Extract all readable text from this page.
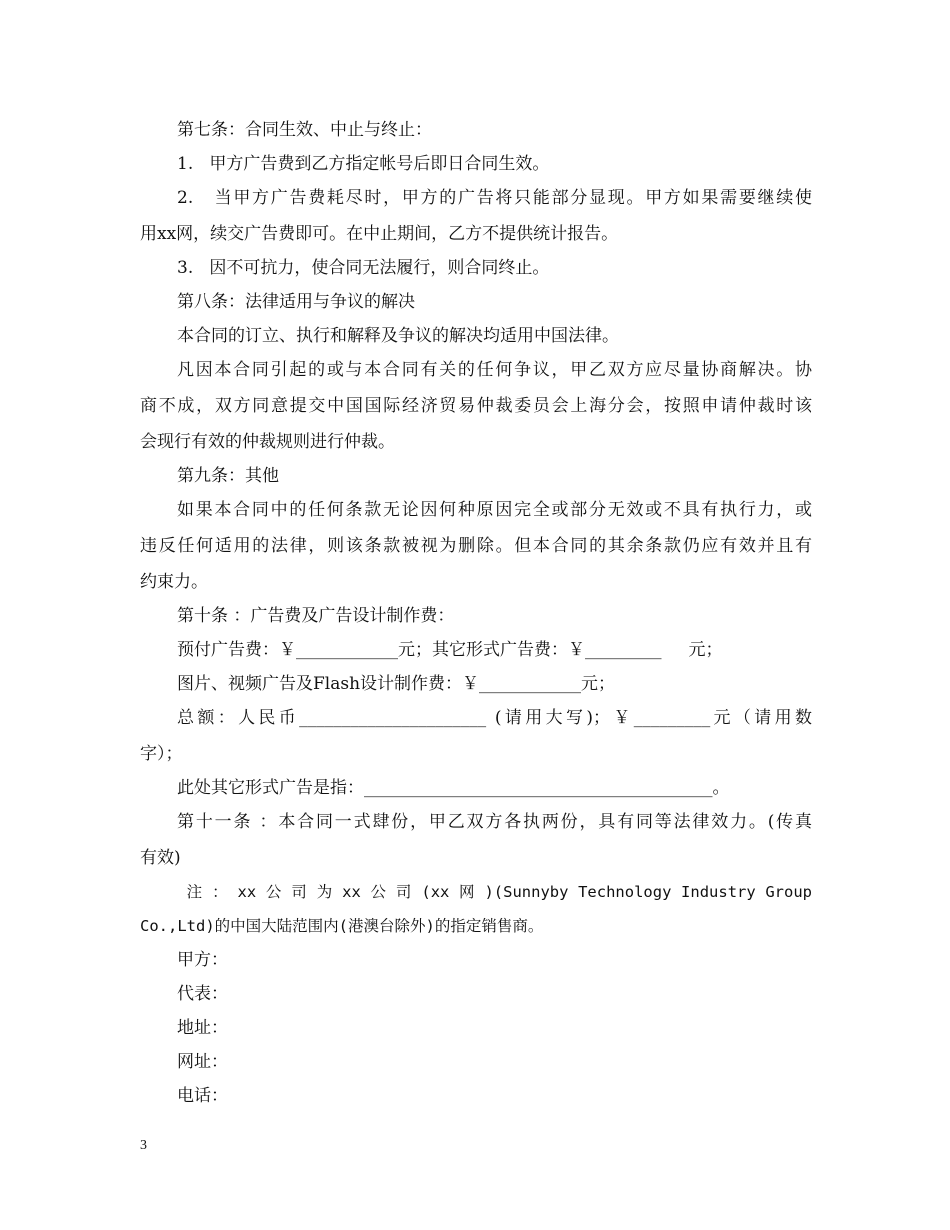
第七条：合同生效、中止与终止：
1.   甲方广告费到乙方指定帐号后即日合同生效。
2.   当甲方广告费耗尽时，甲方的广告将只能部分显现。甲方如果需要继续使
用xx网，续交广告费即可。在中止期间，乙方不提供统计报告。
3.   因不可抗力，使合同无法履行，则合同终止。
第八条：法律适用与争议的解决
本合同的订立、执行和解释及争议的解决均适用中国法律。
凡因本合同引起的或与本合同有关的任何争议，甲乙双方应尽量协商解决。协
商不成，双方同意提交中国国际经济贸易仲裁委员会上海分会，按照申请仲裁时该
会现行有效的仲裁规则进行仲裁。
第九条：其他
如果本合同中的任何条款无论因何种原因完全或部分无效或不具有执行力，或
违反任何适用的法律，则该条款被视为删除。但本合同的其余条款仍应有效并且有
约束力。
第十条 ：广告费及广告设计制作费：
预付广告费：￥____________元；其它形式广告费：￥_________     元；
图片、视频广告及Flash设计制作费：￥____________元；
总额：人民币______________________ (请用大写)；￥_________元（请用数
字）；
此处其它形式广告是指：_________________________________________。
第十一条 ：本合同一式肆份，甲乙双方各执两份，具有同等法律效力。(传真
有效)
注 ： xx 公 司 为 xx 公 司 (xx 网 )(Sunnyby Technology Industry Group
Co.,Ltd)的中国大陆范围内(港澳台除外)的指定销售商。
甲方：
代表：
地址：
网址：
电话：
3
